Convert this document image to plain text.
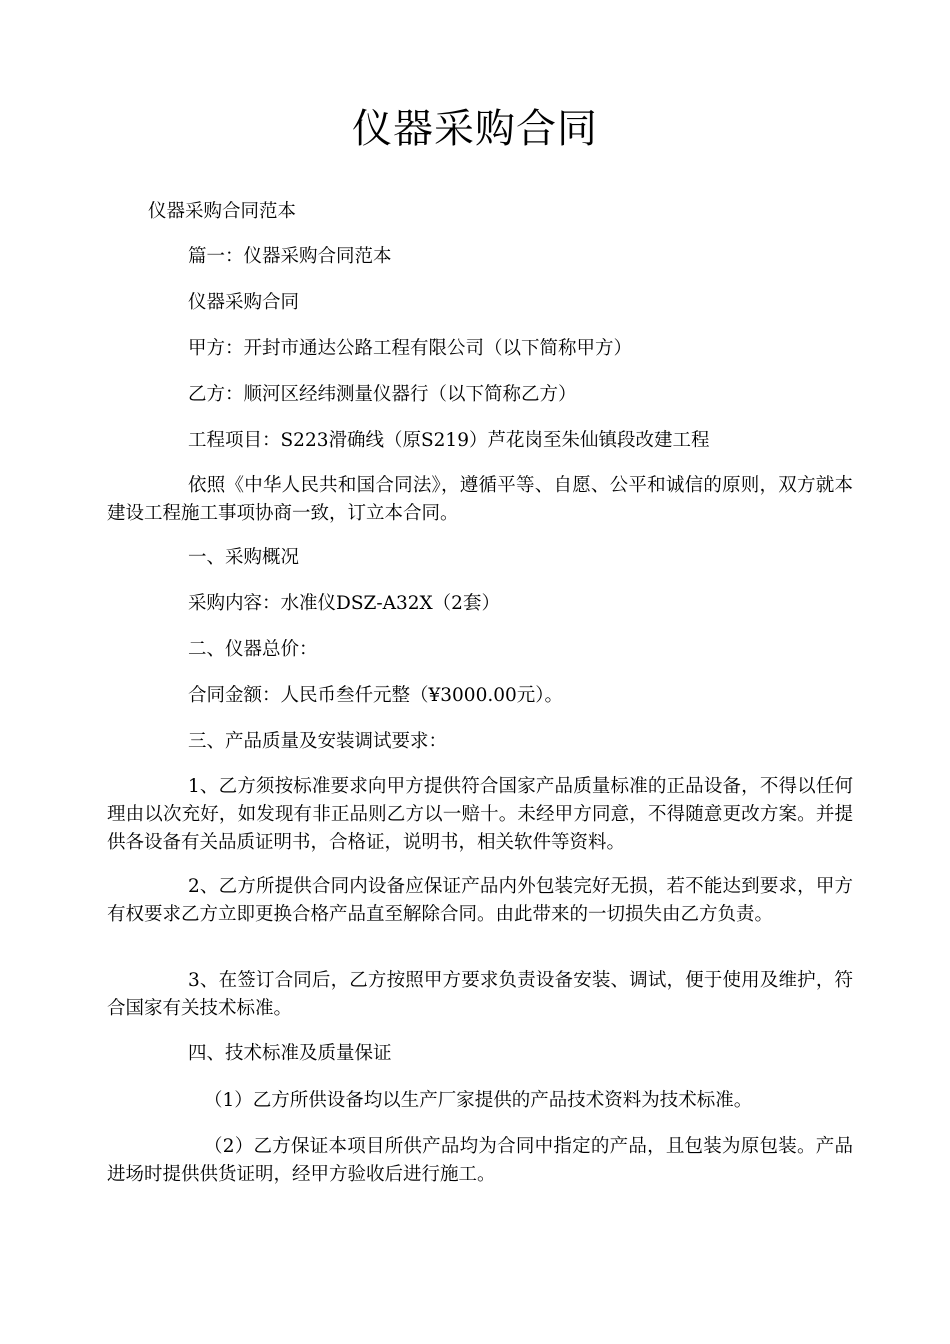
仪器采购合同
仪器采购合同范本
篇一：仪器采购合同范本
仪器采购合同
甲方：开封市通达公路工程有限公司（以下简称甲方）
乙方：顺河区经纬测量仪器行（以下简称乙方）
工程项目：S223滑确线（原S219）芦花岗至朱仙镇段改建工程
依照《中华人民共和国合同法》，遵循平等、自愿、公平和诚信的原则，双方就本建设工程施工事项协商一致，订立本合同。
一、采购概况
采购内容：水准仪DSZ-A32X（2套）
二、仪器总价：
合同金额：人民币叁仟元整（¥3000.00元）。
三、产品质量及安装调试要求：
1、乙方须按标准要求向甲方提供符合国家产品质量标准的正品设备，不得以任何理由以次充好，如发现有非正品则乙方以一赔十。未经甲方同意，不得随意更改方案。并提供各设备有关品质证明书，合格证，说明书，相关软件等资料。
2、乙方所提供合同内设备应保证产品内外包装完好无损，若不能达到要求，甲方有权要求乙方立即更换合格产品直至解除合同。由此带来的一切损失由乙方负责。
3、在签订合同后，乙方按照甲方要求负责设备安装、调试，便于使用及维护，符合国家有关技术标准。
四、技术标准及质量保证
（1）乙方所供设备均以生产厂家提供的产品技术资料为技术标准。
（2）乙方保证本项目所供产品均为合同中指定的产品，且包装为原包装。产品进场时提供供货证明，经甲方验收后进行施工。
